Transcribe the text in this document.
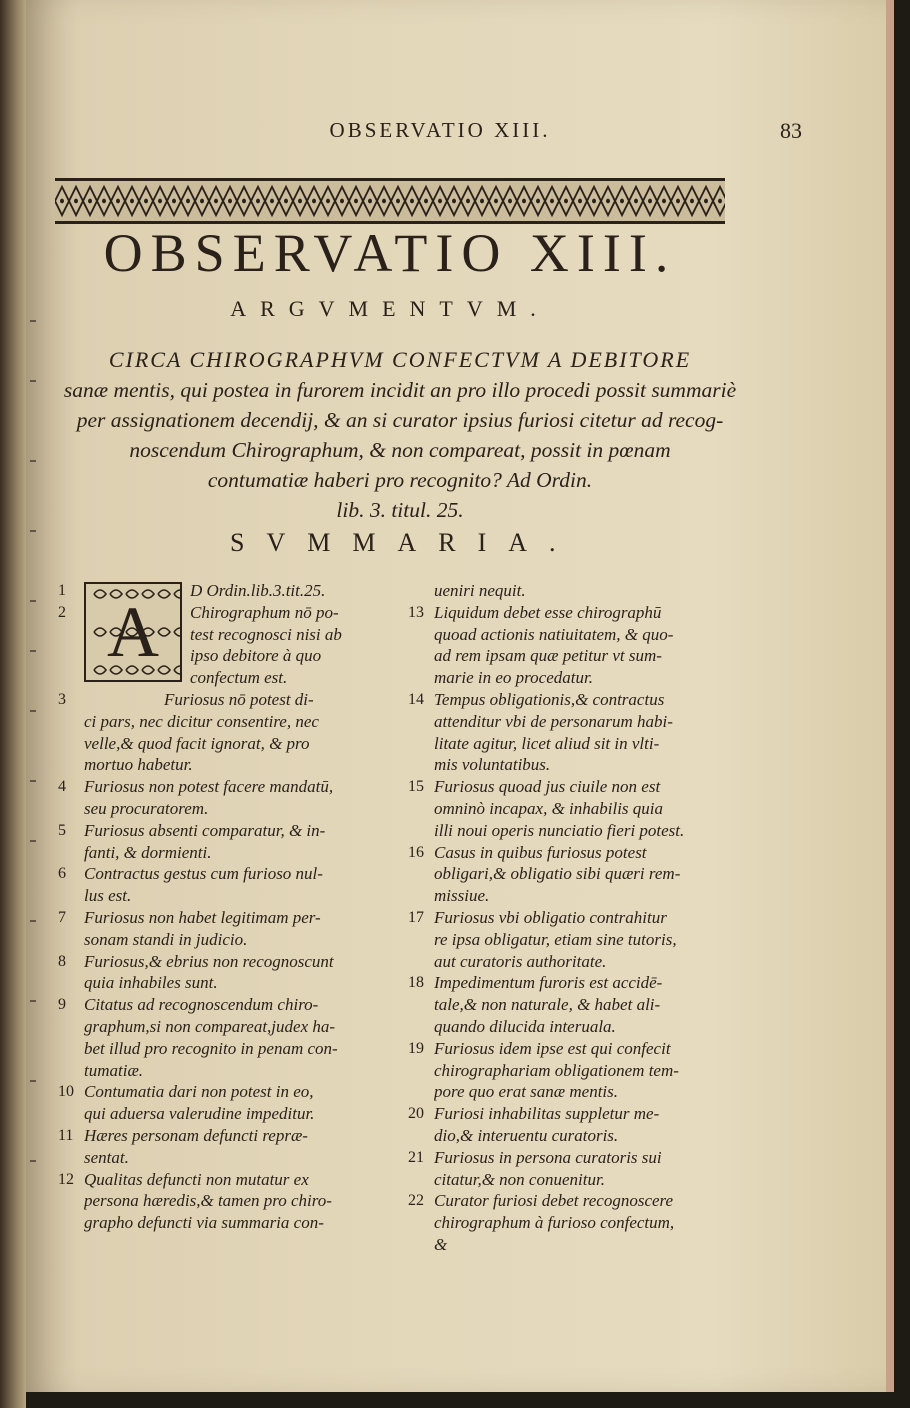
OBSERVATIO XIII.	83
OBSERVATIO XIII.
ARGVMENTVM.
CIRCA CHIROGRAPHVM CONFECTVM A DEBITORE
sanæ mentis, qui postea in furorem incidit an pro illo procedi possit summariè
per assignationem decendij, & an si curator ipsius furiosi citetur ad recog-
noscendum Chirographum, & non compareat, possit in pœnam
contumatiæ haberi pro recognito? Ad Ordin.
lib. 3. titul. 25.
SVMMARIA.
1
A
D Ordin.lib.3.tit.25.
2	Chirographum nō po-
test recognosci nisi ab
ipso debitore à quo
confectum est.
3	Furiosus nō potest di-
ci pars, nec dicitur consentire, nec
velle,& quod facit ignorat, & pro
mortuo habetur.
4	Furiosus non potest facere mandatū,
seu procuratorem.
5	Furiosus absenti comparatur, & in-
fanti, & dormienti.
6	Contractus gestus cum furioso nul-
lus est.
7	Furiosus non habet legitimam per-
sonam standi in judicio.
8	Furiosus,& ebrius non recognoscunt
quia inhabiles sunt.
9	Citatus ad recognoscendum chiro-
graphum,si non compareat,judex ha-
bet illud pro recognito in penam con-
tumatiæ.
10 Contumatia dari non potest in eo,
qui aduersa valerudine impeditur.
11 Hæres personam defuncti repræ-
sentat.
12 Qualitas defuncti non mutatur ex
persona hæredis,& tamen pro chiro-
grapho defuncti via summaria con-
ueniri nequit.
13 Liquidum debet esse chirographū
quoad actionis natiuitatem, & quo-
ad rem ipsam quæ petitur vt sum-
marie in eo procedatur.
14 Tempus obligationis,& contractus
attenditur vbi de personarum habi-
litate agitur, licet aliud sit in vlti-
mis voluntatibus.
15 Furiosus quoad jus ciuile non est
omninò incapax, & inhabilis quia
illi noui operis nunciatio fieri potest.
16 Casus in quibus furiosus potest
obligari,& obligatio sibi quæri rem-
missiue.
17 Furiosus vbi obligatio contrahitur
re ipsa obligatur, etiam sine tutoris,
aut curatoris authoritate.
18 Impedimentum furoris est accidē-
tale,& non naturale, & habet ali-
quando dilucida interuala.
19 Furiosus idem ipse est qui confecit
chirographariam obligationem tem-
pore quo erat sanæ mentis.
20 Furiosi inhabilitas suppletur me-
dio,& interuentu curatoris.
21 Furiosus in persona curatoris sui
citatur,& non conuenitur.
22 Curator furiosi debet recognoscere
chirographum à furioso confectum,
&
